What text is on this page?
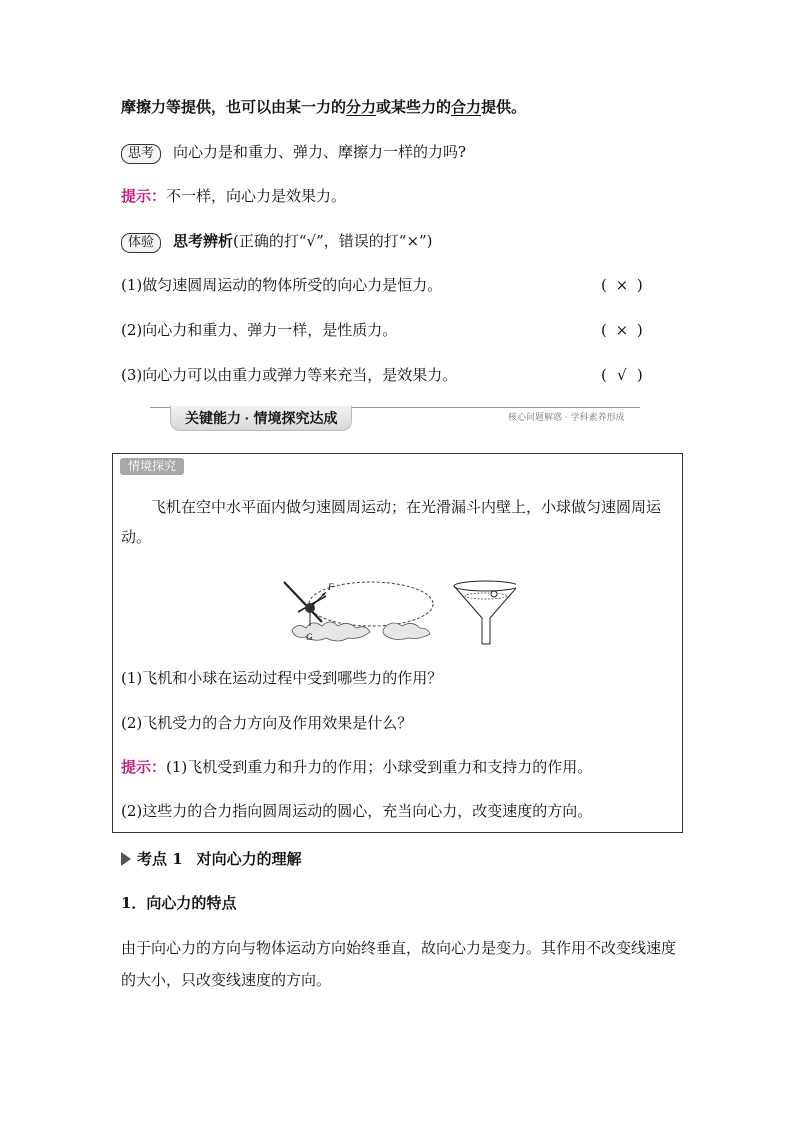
摩擦力等提供，也可以由某一力的分力或某些力的合力提供。
思考 向心力是和重力、弹力、摩擦力一样的力吗?
提示：不一样，向心力是效果力。
体验 思考辨析(正确的打“√”，错误的打“×”)
(1)做匀速圆周运动的物体所受的向心力是恒力。	( × )
(2)向心力和重力、弹力一样，是性质力。	( × )
(3)向心力可以由重力或弹力等来充当，是效果力。	( √ )
关键能力 · 情境探究达成	核心问题解惑 · 学科素养形成
情境探究
飞机在空中水平面内做匀速圆周运动；在光滑漏斗内壁上，小球做匀速圆周运动。
F
G
(1)飞机和小球在运动过程中受到哪些力的作用？
(2)飞机受力的合力方向及作用效果是什么？
提示：(1)飞机受到重力和升力的作用；小球受到重力和支持力的作用。
(2)这些力的合力指向圆周运动的圆心，充当向心力，改变速度的方向。
考点 1 对向心力的理解
1．向心力的特点
由于向心力的方向与物体运动方向始终垂直，故向心力是变力。其作用不改变线速度的大小，只改变线速度的方向。
